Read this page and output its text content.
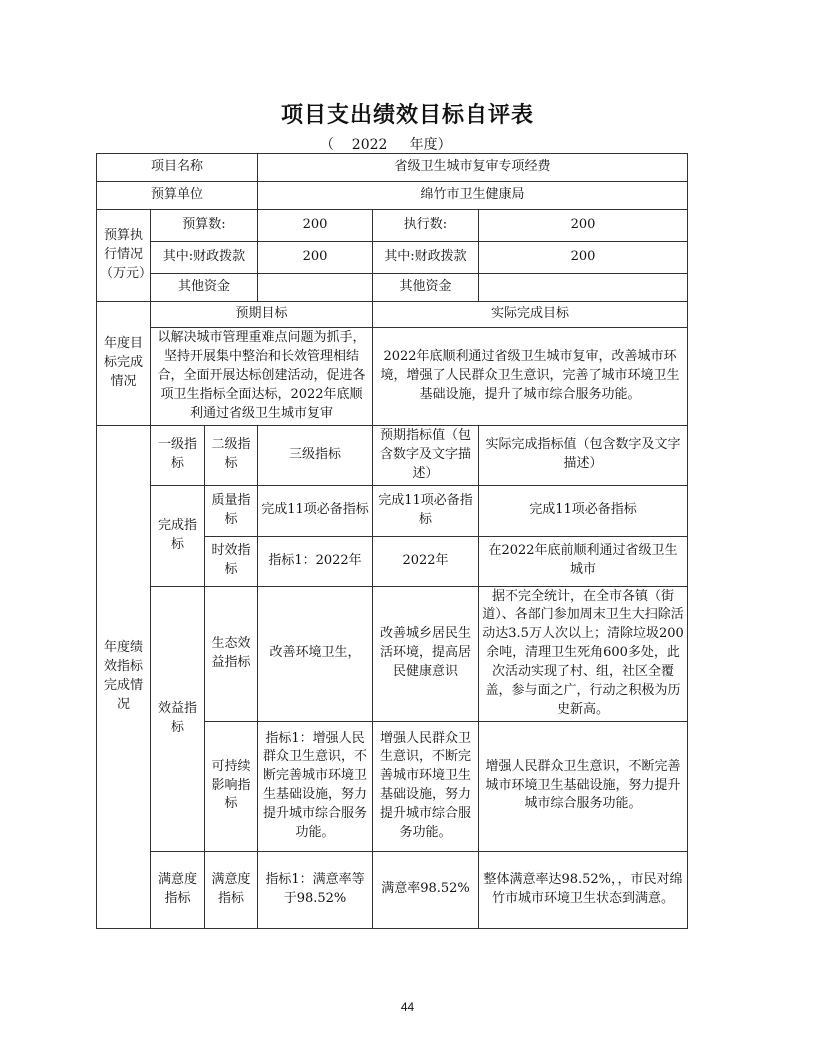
项目支出绩效目标自评表
（    2022     年度）
项目名称			省级卫生城市复审专项经费		
预算单位			绵竹市卫生健康局		
预算执行情况（万元）	预算数:		200	执行数:	200
	其中:财政拨款		200	其中:财政拨款	200
	其他资金			其他资金	
年度目标完成情况	预期目标			实际完成目标	
	以解决城市管理重难点问题为抓手，坚持开展集中整治和长效管理相结合，全面开展达标创建活动，促进各项卫生指标全面达标，2022年底顺利通过省级卫生城市复审			2022年底顺利通过省级卫生城市复审，改善城市环境，增强了人民群众卫生意识，完善了城市环境卫生基础设施，提升了城市综合服务功能。	
年度绩效指标完成情况	一级指标	二级指标	三级指标	预期指标值（包含数字及文字描述）	实际完成指标值（包含数字及文字描述）
	完成指标	质量指标	完成11项必备指标	完成11项必备指标	完成11项必备指标
		时效指标	指标1：2022年	2022年	在2022年底前顺利通过省级卫生城市
	效益指标	生态效益指标	改善环境卫生，	改善城乡居民生活环境，提高居民健康意识	据不完全统计，在全市各镇（街道）、各部门参加周末卫生大扫除活动达3.5万人次以上；清除垃圾200余吨，清理卫生死角600多处，此次活动实现了村、组，社区全覆盖，参与面之广，行动之积极为历史新高。
		可持续影响指标	指标1：增强人民群众卫生意识，不断完善城市环境卫生基础设施，努力提升城市综合服务功能。	增强人民群众卫生意识，不断完善城市环境卫生基础设施，努力提升城市综合服务功能。	增强人民群众卫生意识，不断完善城市环境卫生基础设施，努力提升城市综合服务功能。
	满意度指标	满意度指标	指标1：满意率等于98.52%	满意率98.52%	整体满意率达98.52%，，市民对绵竹市城市环境卫生状态到满意。
44
